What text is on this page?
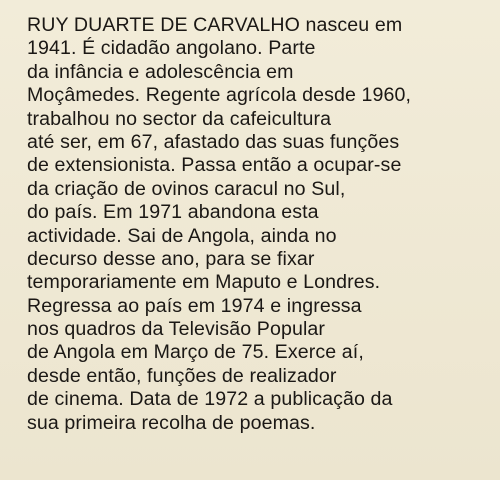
RUY DUARTE DE CARVALHO nasceu em
1941. É cidadão angolano. Parte
da infância e adolescência em
Moçâmedes. Regente agrícola desde 1960,
trabalhou no sector da cafeicultura
até ser, em 67, afastado das suas funções
de extensionista. Passa então a ocupar-se
da criação de ovinos caracul no Sul,
do país. Em 1971 abandona esta
actividade. Sai de Angola, ainda no
decurso desse ano, para se fixar
temporariamente em Maputo e Londres.
Regressa ao país em 1974 e ingressa
nos quadros da Televisão Popular
de Angola em Março de 75. Exerce aí,
desde então, funções de realizador
de cinema. Data de 1972 a publicação da
sua primeira recolha de poemas.
